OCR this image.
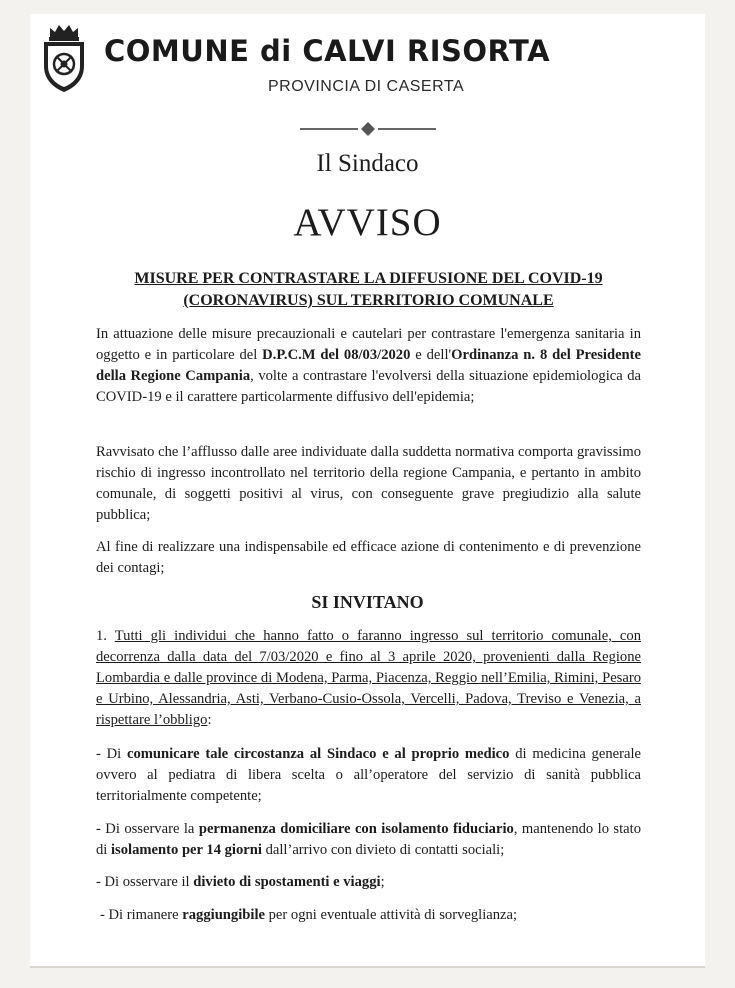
COMUNE di CALVI RISORTA
PROVINCIA DI CASERTA
Il Sindaco
AVVISO
MISURE PER CONTRASTARE LA DIFFUSIONE DEL COVID-19
(CORONAVIRUS) SUL TERRITORIO COMUNALE
In attuazione delle misure precauzionali e cautelari per contrastare l'emergenza sanitaria in oggetto e in particolare del D.P.C.M del 08/03/2020 e dell'Ordinanza n. 8 del Presidente della Regione Campania, volte a contrastare l'evolversi della situazione epidemiologica da COVID-19 e il carattere particolarmente diffusivo dell'epidemia;
Ravvisato che l’afflusso dalle aree individuate dalla suddetta normativa comporta gravissimo rischio di ingresso incontrollato nel territorio della regione Campania, e pertanto in ambito comunale, di soggetti positivi al virus, con conseguente grave pregiudizio alla salute pubblica;
Al fine di realizzare una indispensabile ed efficace azione di contenimento e di prevenzione dei contagi;
SI INVITANO
1. Tutti gli individui che hanno fatto o faranno ingresso sul territorio comunale, con decorrenza dalla data del 7/03/2020 e fino al 3 aprile 2020, provenienti dalla Regione Lombardia e dalle province di Modena, Parma, Piacenza, Reggio nell’Emilia, Rimini, Pesaro e Urbino, Alessandria, Asti, Verbano-Cusio-Ossola, Vercelli, Padova, Treviso e Venezia, a rispettare l’obbligo:
- Di comunicare tale circostanza al Sindaco e al proprio medico di medicina generale ovvero al pediatra di libera scelta o all’operatore del servizio di sanità pubblica territorialmente competente;
- Di osservare la permanenza domiciliare con isolamento fiduciario, mantenendo lo stato di isolamento per 14 giorni dall’arrivo con divieto di contatti sociali;
- Di osservare il divieto di spostamenti e viaggi;
- Di rimanere raggiungibile per ogni eventuale attività di sorveglianza;
